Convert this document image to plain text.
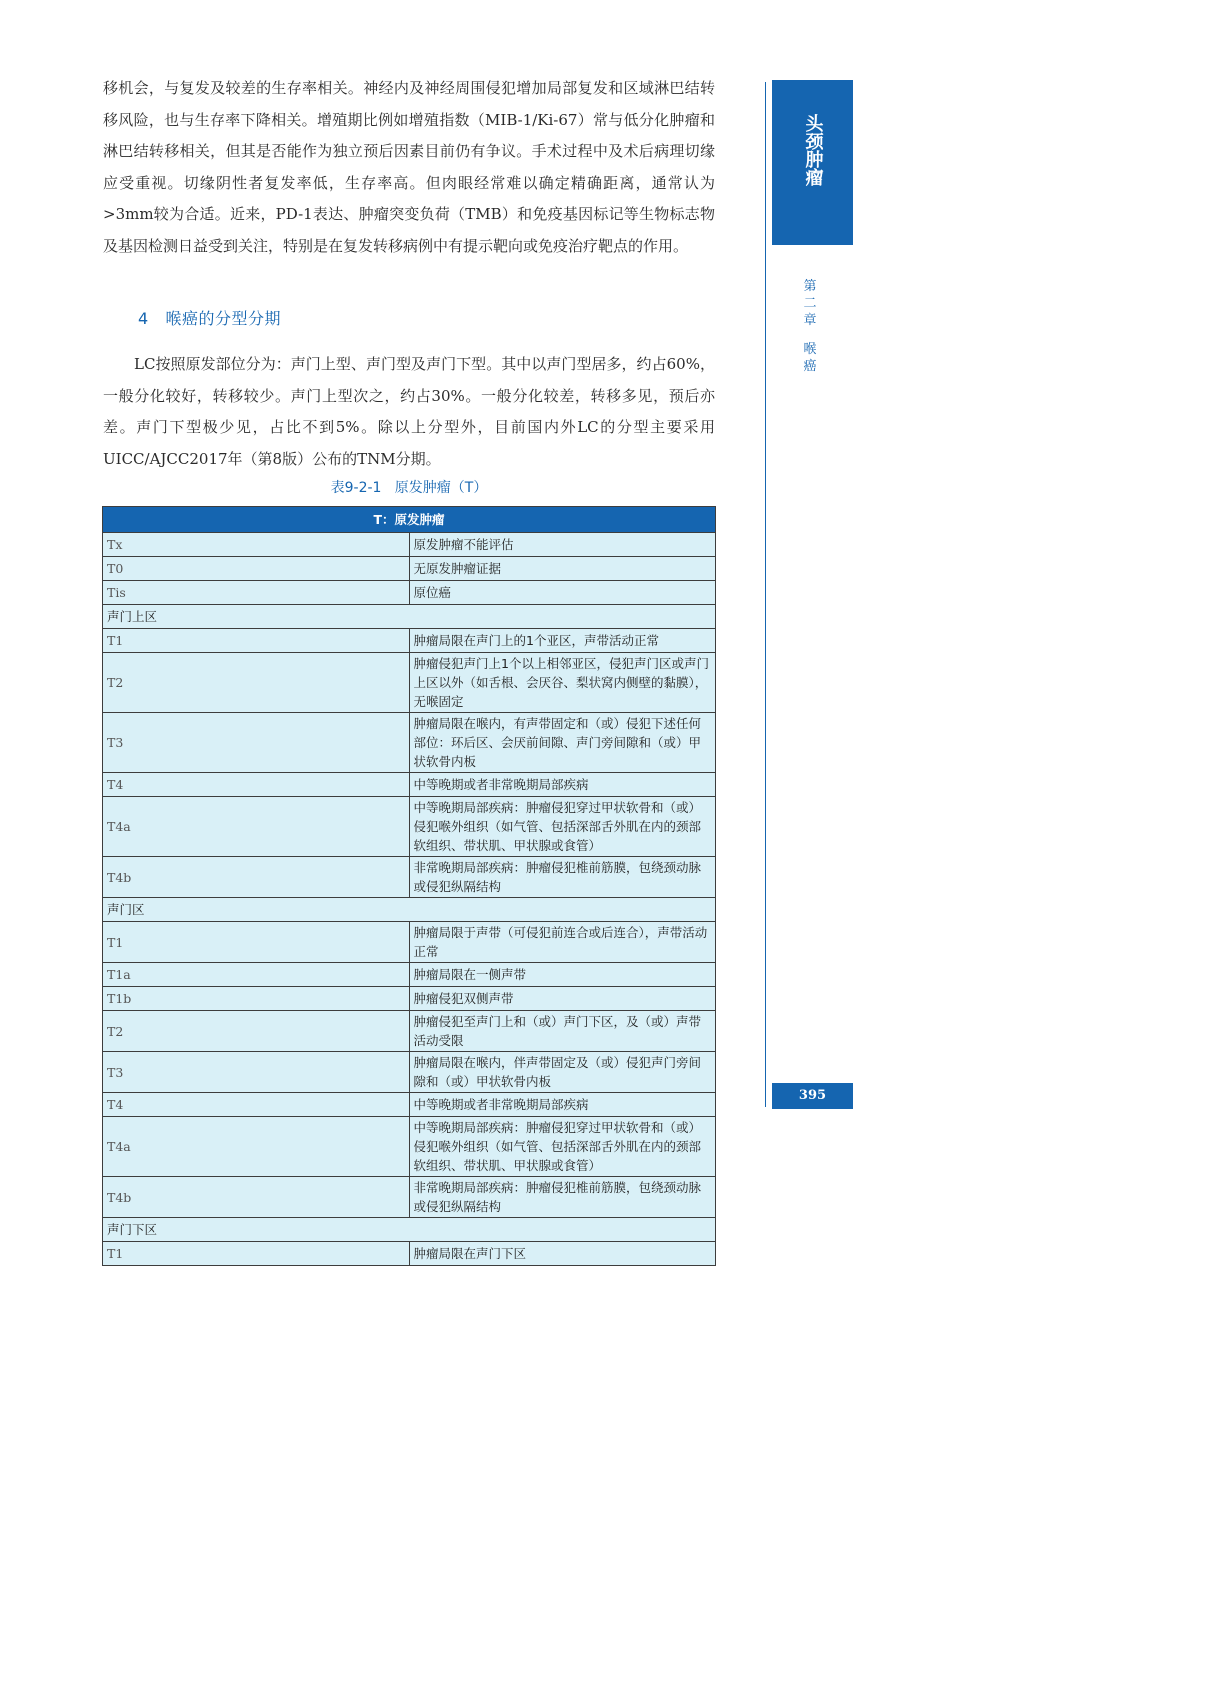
移机会，与复发及较差的生存率相关。神经内及神经周围侵犯增加局部复发和区域淋巴结转移风险，也与生存率下降相关。增殖期比例如增殖指数（MIB-1/Ki-67）常与低分化肿瘤和淋巴结转移相关，但其是否能作为独立预后因素目前仍有争议。手术过程中及术后病理切缘应受重视。切缘阴性者复发率低，生存率高。但肉眼经常难以确定精确距离，通常认为>3mm较为合适。近来，PD-1表达、肿瘤突变负荷（TMB）和免疫基因标记等生物标志物及基因检测日益受到关注，特别是在复发转移病例中有提示靶向或免疫治疗靶点的作用。
4   喉癌的分型分期
LC按照原发部位分为：声门上型、声门型及声门下型。其中以声门型居多，约占60%，一般分化较好，转移较少。声门上型次之，约占30%。一般分化较差，转移多见，预后亦差。声门下型极少见，占比不到5%。除以上分型外，目前国内外LC的分型主要采用UICC/AJCC2017年（第8版）公布的TNM分期。
表9-2-1   原发肿瘤（T）
T：原发肿瘤	
Tx	原发肿瘤不能评估
T0	无原发肿瘤证据
Tis	原位癌
声门上区	
T1	肿瘤局限在声门上的1个亚区，声带活动正常
T2	肿瘤侵犯声门上1个以上相邻亚区，侵犯声门区或声门上区以外（如舌根、会厌谷、梨状窝内侧壁的黏膜），无喉固定
T3	肿瘤局限在喉内，有声带固定和（或）侵犯下述任何部位：环后区、会厌前间隙、声门旁间隙和（或）甲状软骨内板
T4	中等晚期或者非常晚期局部疾病
T4a	中等晚期局部疾病：肿瘤侵犯穿过甲状软骨和（或）侵犯喉外组织（如气管、包括深部舌外肌在内的颈部软组织、带状肌、甲状腺或食管）
T4b	非常晚期局部疾病：肿瘤侵犯椎前筋膜，包绕颈动脉或侵犯纵隔结构
声门区	
T1	肿瘤局限于声带（可侵犯前连合或后连合），声带活动正常
T1a	肿瘤局限在一侧声带
T1b	肿瘤侵犯双侧声带
T2	肿瘤侵犯至声门上和（或）声门下区，及（或）声带活动受限
T3	肿瘤局限在喉内，伴声带固定及（或）侵犯声门旁间隙和（或）甲状软骨内板
T4	中等晚期或者非常晚期局部疾病
T4a	中等晚期局部疾病：肿瘤侵犯穿过甲状软骨和（或）侵犯喉外组织（如气管、包括深部舌外肌在内的颈部软组织、带状肌、甲状腺或食管）
T4b	非常晚期局部疾病：肿瘤侵犯椎前筋膜，包绕颈动脉或侵犯纵隔结构
声门下区	
T1	肿瘤局限在声门下区
头颈肿瘤
第
二
章
喉
癌
395
